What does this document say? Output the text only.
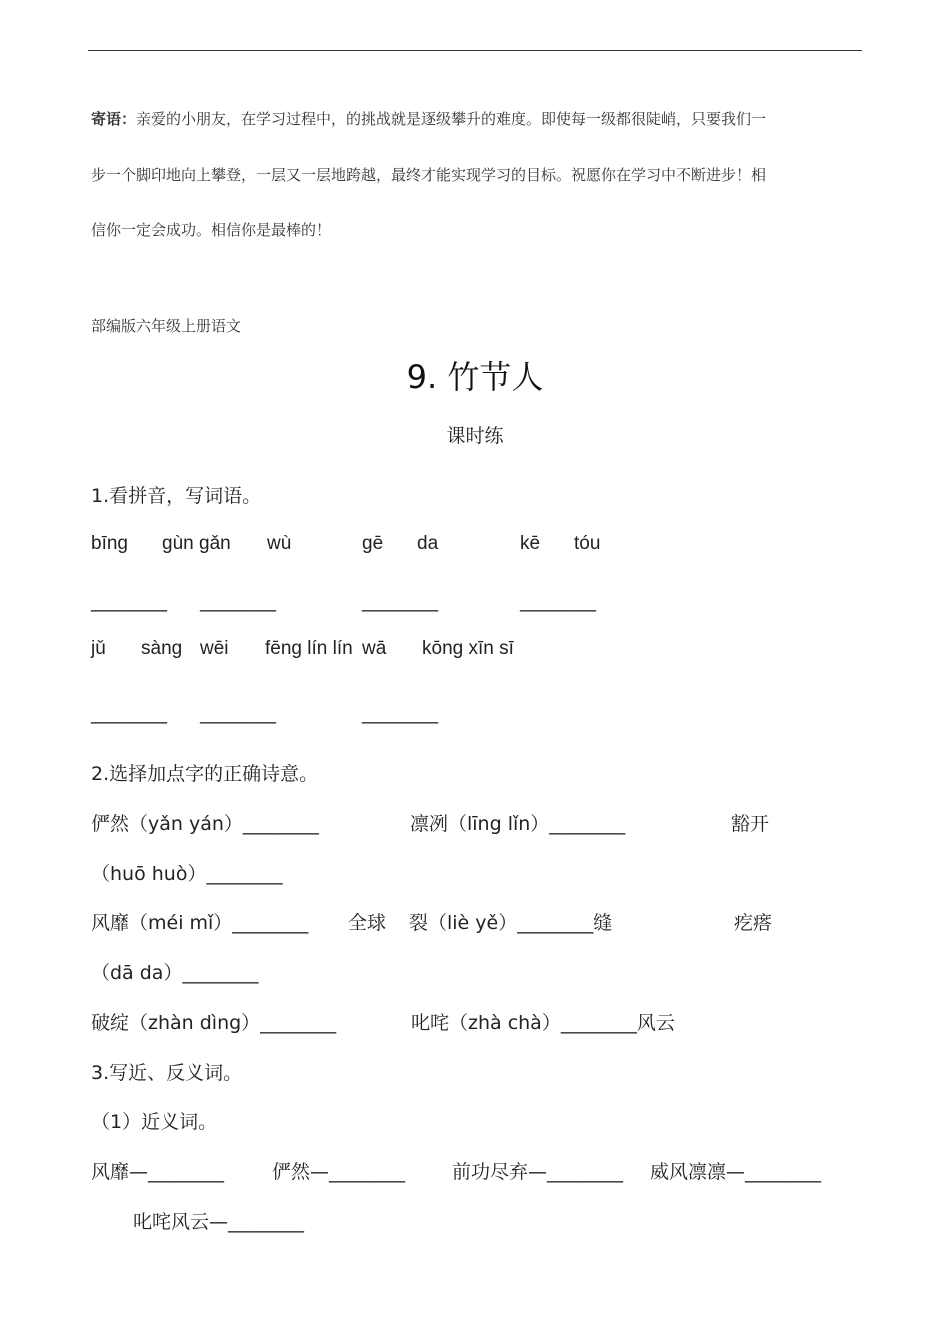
寄语：亲爱的小朋友，在学习过程中，的挑战就是逐级攀升的难度。即使每一级都很陡峭，只要我们一
步一个脚印地向上攀登，一层又一层地跨越，最终才能实现学习的目标。祝愿你在学习中不断进步！相
信你一定会成功。相信你是最棒的！
部编版六年级上册语文
9. 竹节人
课时练
1.看拼音，写词语。
bīng gùn gǎn wù	gē da	kē tóu
________ ________	________	________
jǔ sàng wēi fēng lín lín wā kōng xīn sī
________ ________	________
2.选择加点字的正确诗意。
俨然（yǎn yán）________	凛冽（līng lǐn）________	豁开
（huō huò）________
风靡（méi mǐ）________ 全球 裂（liè yě）________缝	疙瘩
（dā da）________
破绽（zhàn dìng）________	叱咤（zhà chà）________风云
3.写近、反义词。
（1）近义词。
风靡—________	俨然—________ 前功尽弃—________ 威风凛凛—________
叱咤风云—________
